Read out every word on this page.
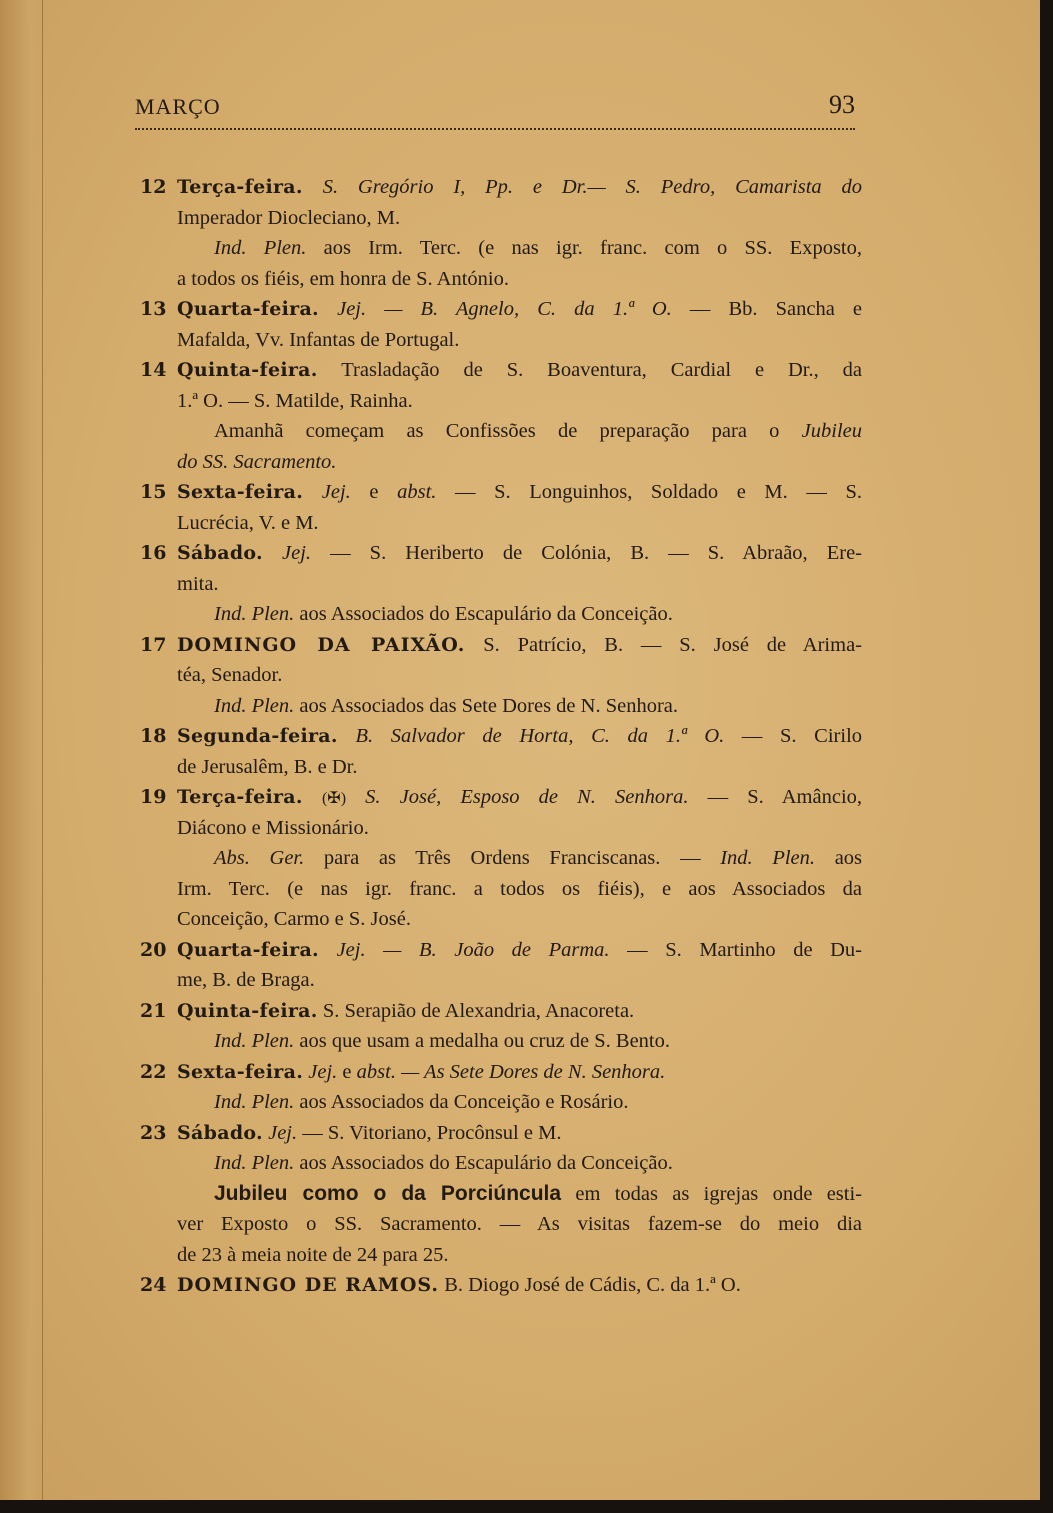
MARÇO	93
12 Terça-feira. S. Gregório I, Pp. e Dr.— S. Pedro, Camarista do
Imperador Diocleciano, M.
Ind. Plen. aos Irm. Terc. (e nas igr. franc. com o SS. Exposto,
a todos os fiéis, em honra de S. António.
13 Quarta-feira. Jej. — B. Agnelo, C. da 1.ª O. — Bb. Sancha e
Mafalda, Vv. Infantas de Portugal.
14 Quinta-feira. Trasladação de S. Boaventura, Cardial e Dr., da
1.ª O. — S. Matilde, Rainha.
Amanhã começam as Confissões de preparação para o Jubileu
do SS. Sacramento.
15 Sexta-feira. Jej. e abst. — S. Longuinhos, Soldado e M. — S.
Lucrécia, V. e M.
16 Sábado. Jej. — S. Heriberto de Colónia, B. — S. Abraão, Ere-
mita.
Ind. Plen. aos Associados do Escapulário da Conceição.
17 DOMINGO DA PAIXÃO. S. Patrício, B. — S. José de Arima-
téa, Senador.
Ind. Plen. aos Associados das Sete Dores de N. Senhora.
18 Segunda-feira. B. Salvador de Horta, C. da 1.ª O. — S. Cirilo
de Jerusalêm, B. e Dr.
19 Terça-feira. (✠) S. José, Esposo de N. Senhora. — S. Amâncio,
Diácono e Missionário.
Abs. Ger. para as Três Ordens Franciscanas. — Ind. Plen. aos
Irm. Terc. (e nas igr. franc. a todos os fiéis), e aos Associados da
Conceição, Carmo e S. José.
20 Quarta-feira. Jej. — B. João de Parma. — S. Martinho de Du-
me, B. de Braga.
21 Quinta-feira. S. Serapião de Alexandria, Anacoreta.
Ind. Plen. aos que usam a medalha ou cruz de S. Bento.
22 Sexta-feira. Jej. e abst. — As Sete Dores de N. Senhora.
Ind. Plen. aos Associados da Conceição e Rosário.
23 Sábado. Jej. — S. Vitoriano, Procônsul e M.
Ind. Plen. aos Associados do Escapulário da Conceição.
Jubileu como o da Porciúncula em todas as igrejas onde esti-
ver Exposto o SS. Sacramento. — As visitas fazem-se do meio dia
de 23 à meia noite de 24 para 25.
24 DOMINGO DE RAMOS. B. Diogo José de Cádis, C. da 1.ª O.
